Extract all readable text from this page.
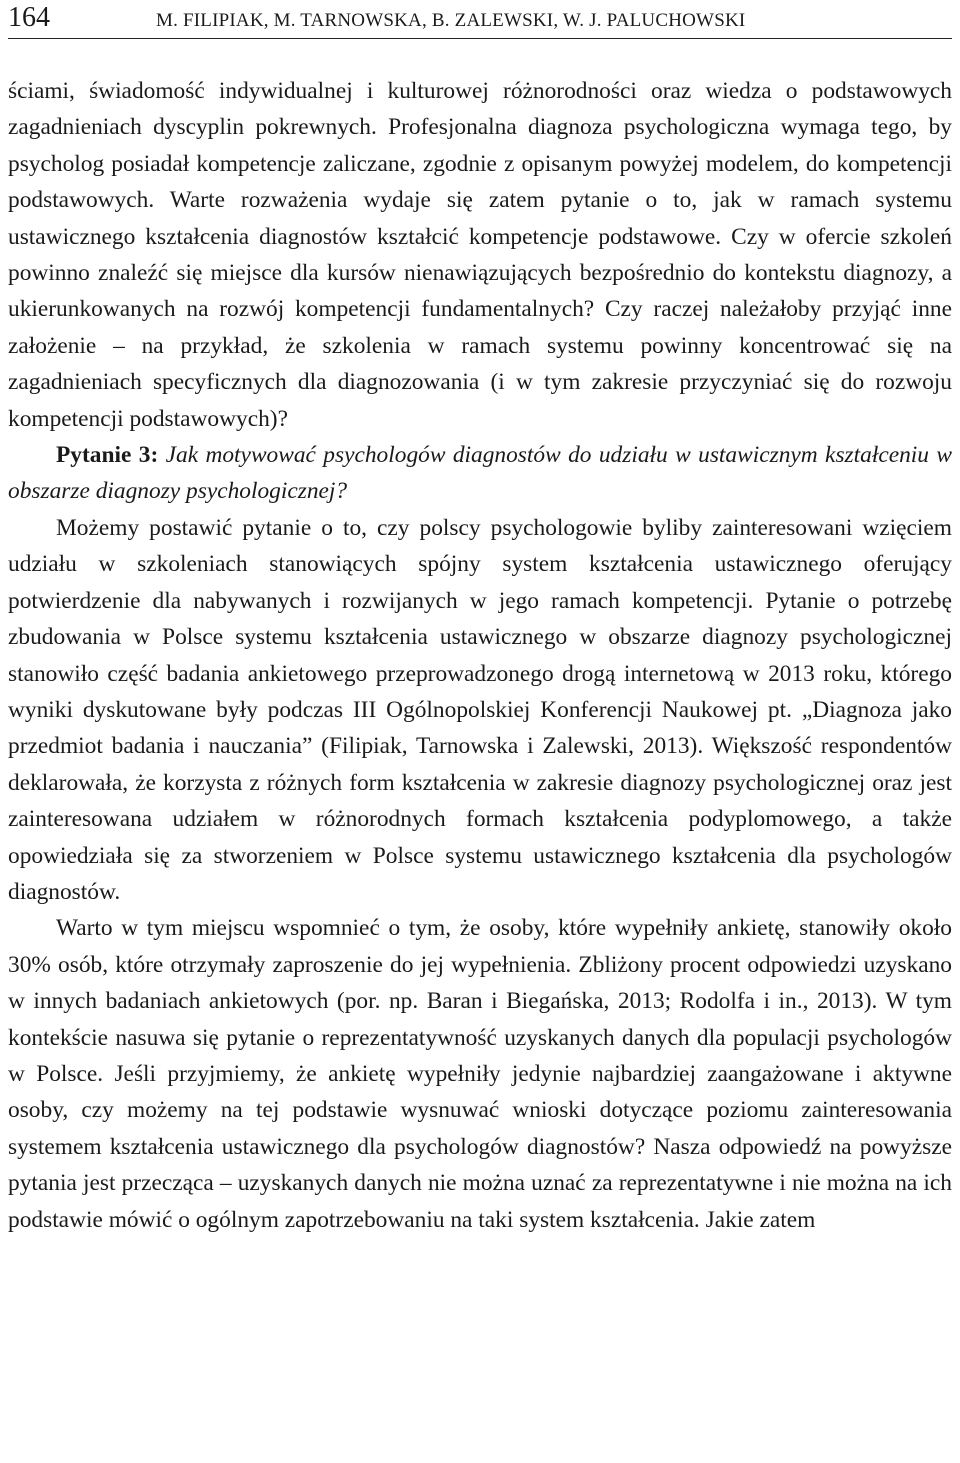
164	M. FILIPIAK, M. TARNOWSKA, B. ZALEWSKI, W. J. PALUCHOWSKI

ściami, świadomość indywidualnej i kulturowej różnorodności oraz wiedza o podstawowych zagadnieniach dyscyplin pokrewnych. Profesjonalna diagnoza psychologiczna wymaga tego, by psycholog posiadał kompetencje zaliczane, zgodnie z opisanym powyżej modelem, do kompetencji podstawowych. Warte rozważenia wydaje się zatem pytanie o to, jak w ramach systemu ustawicznego kształcenia diagnostów kształcić kompetencje podstawowe. Czy w ofercie szkoleń powinno znaleźć się miejsce dla kursów nienawiązujących bezpośrednio do kontekstu diagnozy, a ukierunkowanych na rozwój kompetencji fundamentalnych? Czy raczej należałoby przyjąć inne założenie – na przykład, że szkolenia w ramach systemu powinny koncentrować się na zagadnieniach specyficznych dla diagnozowania (i w tym zakresie przyczyniać się do rozwoju kompetencji podstawowych)?

Pytanie 3: Jak motywować psychologów diagnostów do udziału w ustawicznym kształceniu w obszarze diagnozy psychologicznej?

Możemy postawić pytanie o to, czy polscy psychologowie byliby zainteresowani wzięciem udziału w szkoleniach stanowiących spójny system kształcenia ustawicznego oferujący potwierdzenie dla nabywanych i rozwijanych w jego ramach kompetencji. Pytanie o potrzebę zbudowania w Polsce systemu kształcenia ustawicznego w obszarze diagnozy psychologicznej stanowiło część badania ankietowego przeprowadzonego drogą internetową w 2013 roku, którego wyniki dyskutowane były podczas III Ogólnopolskiej Konferencji Naukowej pt. „Diagnoza jako przedmiot badania i nauczania” (Filipiak, Tarnowska i Zalewski, 2013). Większość respondentów deklarowała, że korzysta z różnych form kształcenia w zakresie diagnozy psychologicznej oraz jest zainteresowana udziałem w różnorodnych formach kształcenia podyplomowego, a także opowiedziała się za stworzeniem w Polsce systemu ustawicznego kształcenia dla psychologów diagnostów.

Warto w tym miejscu wspomnieć o tym, że osoby, które wypełniły ankietę, stanowiły około 30% osób, które otrzymały zaproszenie do jej wypełnienia. Zbliżony procent odpowiedzi uzyskano w innych badaniach ankietowych (por. np. Baran i Biegańska, 2013; Rodolfa i in., 2013). W tym kontekście nasuwa się pytanie o reprezentatywność uzyskanych danych dla populacji psychologów w Polsce. Jeśli przyjmiemy, że ankietę wypełniły jedynie najbardziej zaangażowane i aktywne osoby, czy możemy na tej podstawie wysnuwać wnioski dotyczące poziomu zainteresowania systemem kształcenia ustawicznego dla psychologów diagnostów? Nasza odpowiedź na powyższe pytania jest przecząca – uzyskanych danych nie można uznać za reprezentatywne i nie można na ich podstawie mówić o ogólnym zapotrzebowaniu na taki system kształcenia. Jakie zatem
